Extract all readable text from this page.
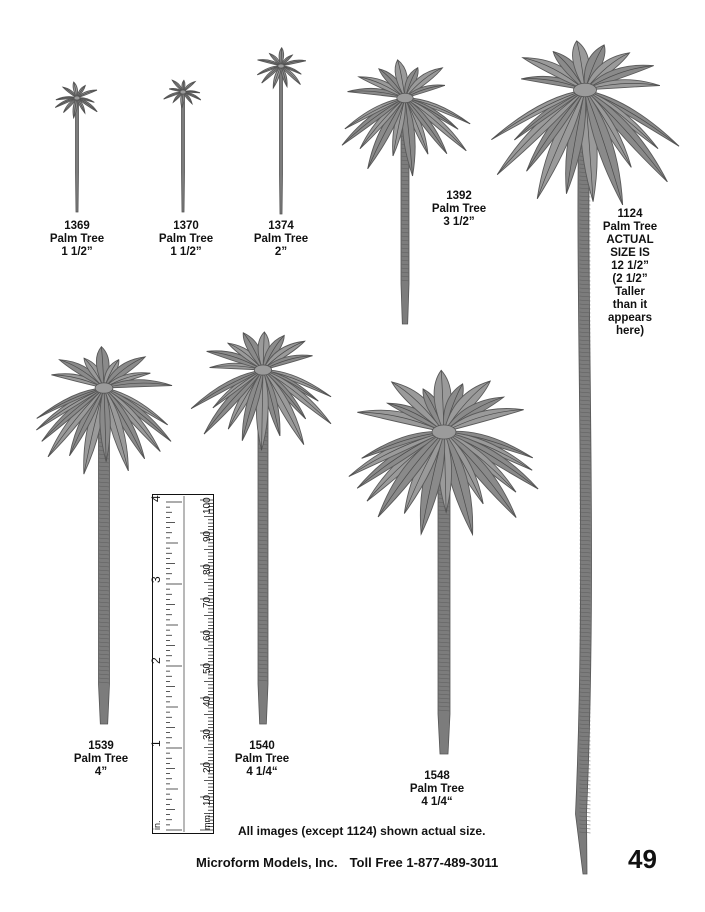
1369
Palm Tree
1 1/2”
1370
Palm Tree
1 1/2”
1374
Palm Tree
2”
1392
Palm Tree
3 1/2”
1124
Palm Tree
ACTUAL
SIZE IS
12 1/2”
(2 1/2”
Taller
than it
appears
here)
1539
Palm Tree
4”
1540
Palm Tree
4 1/4“	1548
Palm Tree
4 1/4“
1
2
3
4
in.	mm.
10
20
30
40
50
60
70
80
90
100
All images (except 1124) shown actual size.
Microform Models, Inc. Toll Free 1-877-489-3011	49
